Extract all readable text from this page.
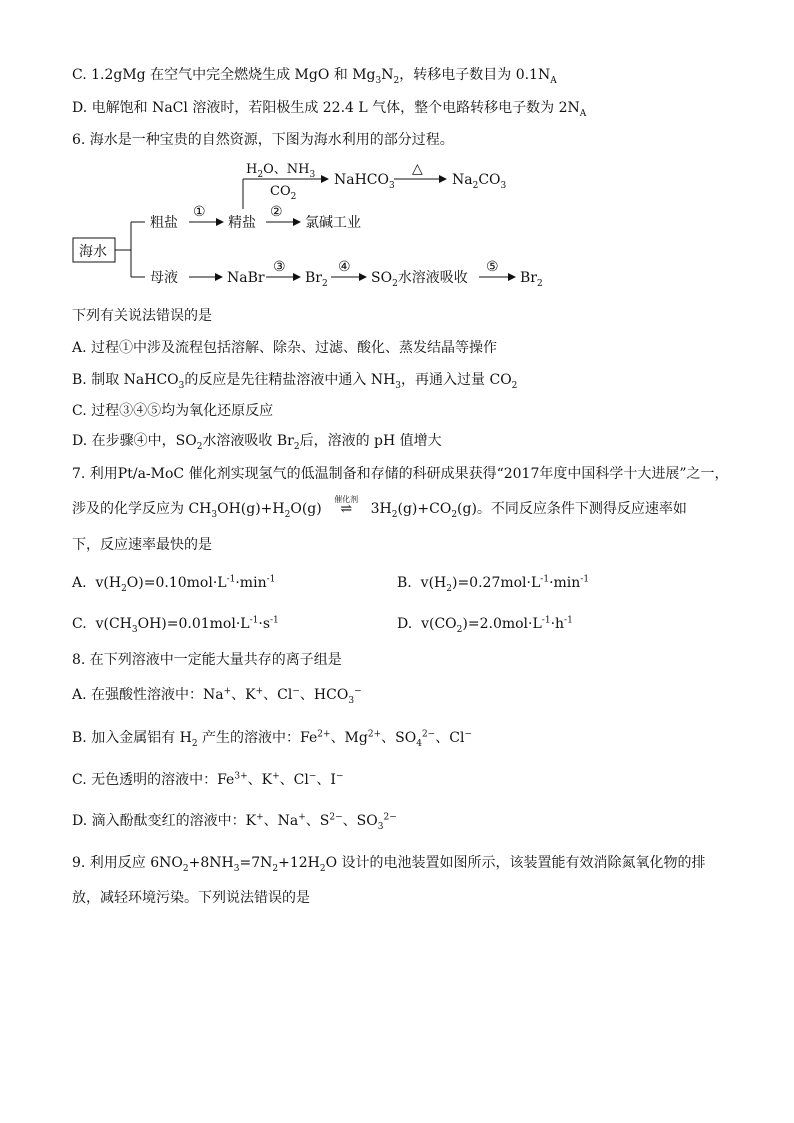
C. 1.2gMg 在空气中完全燃烧生成 MgO 和 $Mg_3N_2$，转移电子数目为 $0.1N_A$
D. 电解饱和 NaCl 溶液时，若阳极生成 22.4 L 气体，整个电路转移电子数为 $2N_A$
6. 海水是一种宝贵的自然资源，下图为海水利用的部分过程。
海水
粗盐
①
精盐
②
氯碱工业
$H_2O$、$NH_3$
$CO_2$
NaHCO$_3$
△
$Na_2CO_3$
母液	NaBr
③
$Br_2$
④
$SO_2$水溶液吸收
⑤
$Br_2$
下列有关说法错误的是
A. 过程①中涉及流程包括溶解、除杂、过滤、酸化、蒸发结晶等操作
B. 制取 NaHCO$_3$的反应是先往精盐溶液中通入 $NH_3$，再通入过量 $CO_2$
C. 过程③④⑤均为氧化还原反应
D. 在步骤④中，$SO_2$水溶液吸收 $Br_2$后，溶液的 pH 值增大
7. 利用Pt/a-MoC 催化剂实现氢气的低温制备和存储的科研成果获得“2017年度中国科学十大进展”之一，
涉及的化学反应为 $CH_3OH(g)+H_2O(g)$
催化剂
⇌ $3H_2(g)+CO_2(g)$。不同反应条件下测得反应速率如
下，反应速率最快的是
A. $v(H_2O)=0.10mol\cdot L^{-1}\cdot\min^{-1}$	B. $v(H_2)=0.27mol\cdot L^{-1}\cdot\min^{-1}$
C. $v(CH_3OH)=0.01mol\cdot L^{-1}\cdot s^{-1}$	D. $v(CO_2)=2.0mol\cdot L^{-1}\cdot h^{-1}$
8. 在下列溶液中一定能大量共存的离子组是
A. 在强酸性溶液中：Na+、K+、Cl−、$HCO_3^-$
B. 加入金属铝有 $H_2$ 产生的溶液中：$Fe^{2+}$、$Mg^{2+}$、$SO_4^{2-}$、Cl−
C. 无色透明的溶液中：$Fe^{3+}$、K+、Cl−、I−
D. 滴入酚酞变红的溶液中：K+、Na+、$S^{2-}$、$SO_3^{2-}$
9. 利用反应 $6NO_2+8NH_3=7N_2+12H_2O$ 设计的电池装置如图所示，该装置能有效消除氮氧化物的排
放，减轻环境污染。下列说法错误的是
